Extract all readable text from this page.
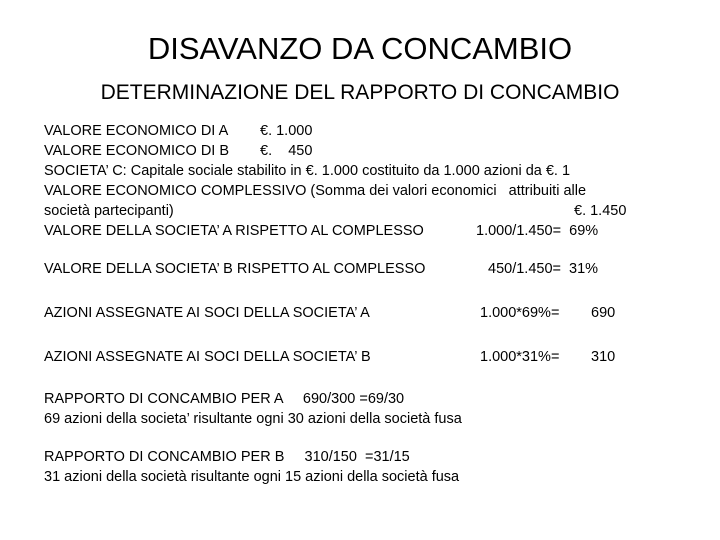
DISAVANZO DA CONCAMBIO
DETERMINAZIONE DEL RAPPORTO DI CONCAMBIO
VALORE ECONOMICO DI A €. 1.000
VALORE ECONOMICO DI B €.    450
SOCIETA’ C: Capitale sociale stabilito in €. 1.000 costituito da 1.000 azioni da €. 1
VALORE ECONOMICO COMPLESSIVO (Somma dei valori economici   attribuiti alle
società partecipanti)	€. 1.450
VALORE DELLA SOCIETA’ A RISPETTO AL COMPLESSO	1.000/1.450=  69%
VALORE DELLA SOCIETA’ B RISPETTO AL COMPLESSO	450/1.450=  31%
AZIONI ASSEGNATE AI SOCI DELLA SOCIETA’ A	1.000*69%= 690
AZIONI ASSEGNATE AI SOCI DELLA SOCIETA’ B	1.000*31%= 310
RAPPORTO DI CONCAMBIO PER A     690/300 =69/30
69 azioni della societa’ risultante ogni 30 azioni della società fusa
RAPPORTO DI CONCAMBIO PER B     310/150  =31/15
31 azioni della società risultante ogni 15 azioni della società fusa
